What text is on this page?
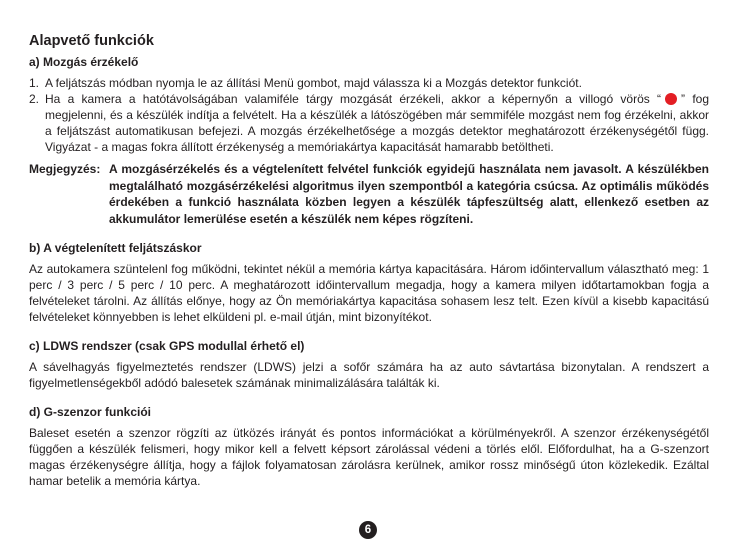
Alapvető funkciók
a) Mozgás érzékelő
1. A feljátszás módban nyomja le az állítási Menü gombot, majd válassza ki a Mozgás detektor funkciót.
2. Ha a kamera a hatótávolságában valamiféle tárgy mozgását érzékeli, akkor a képernyőn a villogó vörös “ ” fog megjelenni, és a készülék indítja a felvételt. Ha a készülék a látószögében már semmiféle mozgást nem fog érzékelni, akkor a feljátszást automatikusan befejezi. A mozgás érzékelhetősége a mozgás detektor meghatározott érzékenységétől függ. Vigyázat - a magas fokra állított érzékenység a memóriakártya kapacitását hamarabb betöltheti.
Megjegyzés: A mozgásérzékelés és a végtelenített felvétel funkciók egyidejű használata nem javasolt. A készülékben megtalálható mozgásérzékelési algoritmus ilyen szempontból a kategória csúcsa. Az optimális működés érdekében a funkció használata közben legyen a készülék tápfeszültség alatt, ellenkező esetben az akkumulátor lemerülése esetén a készülék nem képes rögzíteni.
b) A végtelenített feljátszáskor

Az autokamera szüntelenl fog működni, tekintet nékül a memória kártya kapacitására. Három időintervallum választható meg: 1 perc / 3 perc / 5 perc / 10 perc. A meghatározott időintervallum megadja, hogy a kamera milyen időtartamokban fogja a felvételeket tárolni. Az állítás előnye, hogy az Ön memóriakártya kapacitása sohasem lesz telt. Ezen kívül a kisebb kapacitású felvételeket könnyebben is lehet elküldeni pl. e-mail útján, mint bizonyítékot.

c) LDWS rendszer (csak GPS modullal érhető el)

A sávelhagyás figyelmeztetés rendszer (LDWS) jelzi a sofőr számára ha az auto sávtartása bizonytalan. A rendszert a figyelmetlenségekből adódó balesetek számának minimalizálására találták ki.

d) G-szenzor funkciói

Baleset esetén a szenzor rögzíti az ütközés irányát és pontos információkat a körülményekről. A szenzor érzékenységétől függően a készülék felismeri, hogy mikor kell a felvett képsort zárolással védeni a törlés elől. Előfordulhat, ha a G-szenzort magas érzékenységre állítja, hogy a fájlok folyamatosan zárolásra kerülnek, amikor rossz minőségű úton közlekedik. Ezáltal hamar betelik a memória kártya.

6
